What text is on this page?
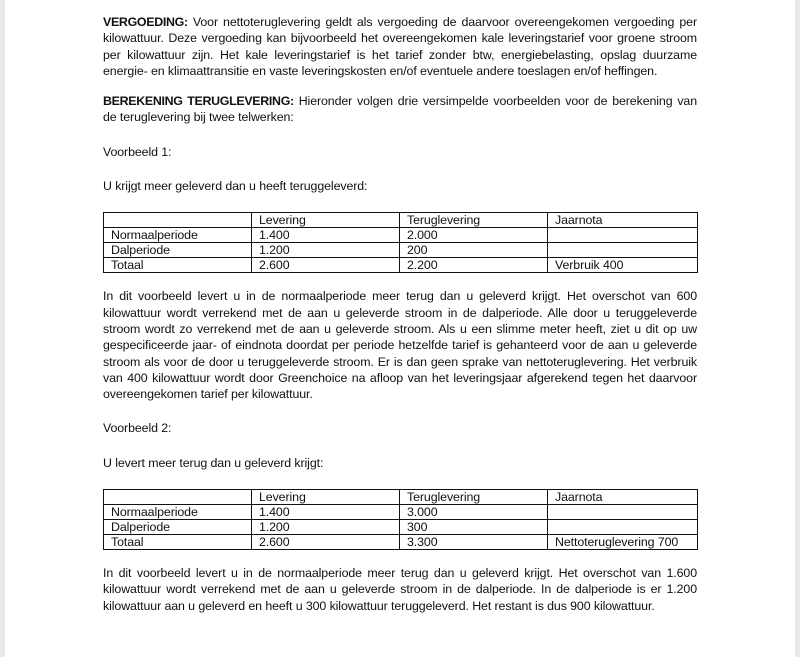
VERGOEDING: Voor nettoteruglevering geldt als vergoeding de daarvoor overeengekomen vergoeding per kilowattuur. Deze vergoeding kan bijvoorbeeld het overeengekomen kale leveringstarief voor groene stroom per kilowattuur zijn. Het kale leveringstarief is het tarief zonder btw, energiebelasting, opslag duurzame energie- en klimaattransitie en vaste leveringskosten en/of eventuele andere toeslagen en/of heffingen.

BEREKENING TERUGLEVERING: Hieronder volgen drie versimpelde voorbeelden voor de berekening van de teruglevering bij twee telwerken:

Voorbeeld 1:

U krijgt meer geleverd dan u heeft teruggeleverd:

	Levering	Teruglevering	Jaarnota
Normaalperiode	1.400	2.000	
Dalperiode	1.200	200	
Totaal	2.600	2.200	Verbruik 400

In dit voorbeeld levert u in de normaalperiode meer terug dan u geleverd krijgt. Het overschot van 600 kilowattuur wordt verrekend met de aan u geleverde stroom in de dalperiode. Alle door u teruggeleverde stroom wordt zo verrekend met de aan u geleverde stroom. Als u een slimme meter heeft, ziet u dit op uw gespecificeerde jaar- of eindnota doordat per periode hetzelfde tarief is gehanteerd voor de aan u geleverde stroom als voor de door u teruggeleverde stroom. Er is dan geen sprake van nettoteruglevering. Het verbruik van 400 kilowattuur wordt door Greenchoice na afloop van het leveringsjaar afgerekend tegen het daarvoor overeengekomen tarief per kilowattuur.

Voorbeeld 2:

U levert meer terug dan u geleverd krijgt:

	Levering	Teruglevering	Jaarnota
Normaalperiode	1.400	3.000	
Dalperiode	1.200	300	
Totaal	2.600	3.300	Nettoteruglevering 700

In dit voorbeeld levert u in de normaalperiode meer terug dan u geleverd krijgt. Het overschot van 1.600 kilowattuur wordt verrekend met de aan u geleverde stroom in de dalperiode. In de dalperiode is er 1.200 kilowattuur aan u geleverd en heeft u 300 kilowattuur teruggeleverd. Het restant is dus 900 kilowattuur.
